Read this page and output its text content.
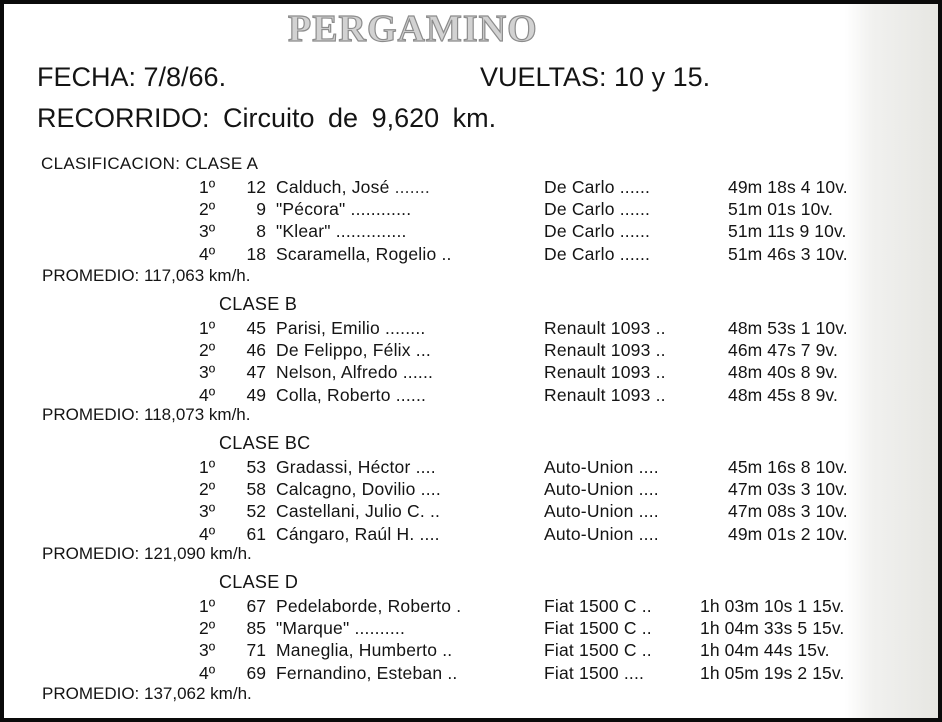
PERGAMINO
FECHA: 7/8/66.	VUELTAS: 10 y 15.
RECORRIDO: Circuito de 9,620 km.
CLASIFICACION: CLASE A
1º	12 Calduch, José .......	De Carlo ......	49m 18s 4 10v.
2º	9 "Pécora" ............	De Carlo ......	51m 01s 10v.
3º	8 "Klear" ..............	De Carlo ......	51m 11s 9 10v.
4º	18 Scaramella, Rogelio ..	De Carlo ......	51m 46s 3 10v.
PROMEDIO: 117,063 km/h.
CLASE B
1º	45 Parisi, Emilio ........	Renault 1093 ..	48m 53s 1 10v.
2º	46 De Felippo, Félix ...	Renault 1093 ..	46m 47s 7 9v.
3º	47 Nelson, Alfredo ......	Renault 1093 ..	48m 40s 8 9v.
4º	49 Colla, Roberto ......	Renault 1093 ..	48m 45s 8 9v.
PROMEDIO: 118,073 km/h.
CLASE BC
1º	53 Gradassi, Héctor ....	Auto-Union ....	45m 16s 8 10v.
2º	58 Calcagno, Dovilio ....	Auto-Union ....	47m 03s 3 10v.
3º	52 Castellani, Julio C. ..	Auto-Union ....	47m 08s 3 10v.
4º	61 Cángaro, Raúl H. ....	Auto-Union ....	49m 01s 2 10v.
PROMEDIO: 121,090 km/h.
CLASE D
1º	67 Pedelaborde, Roberto .	Fiat 1500 C ..	1h 03m 10s 1 15v.
2º	85 "Marque" ..........	Fiat 1500 C ..	1h 04m 33s 5 15v.
3º	71 Maneglia, Humberto ..	Fiat 1500 C ..	1h 04m 44s 15v.
4º	69 Fernandino, Esteban ..	Fiat 1500 ....	1h 05m 19s 2 15v.
PROMEDIO: 137,062 km/h.
